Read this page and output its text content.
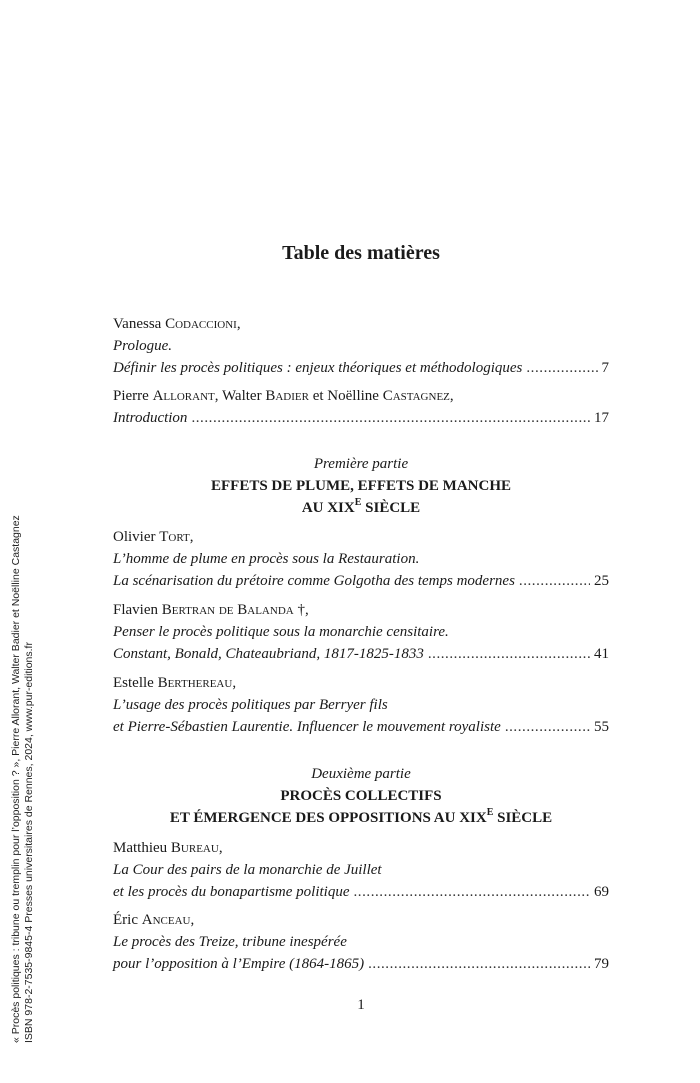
Table des matières
Vanessa Codaccioni,
Prologue.
Définir les procès politiques : enjeux théoriques et méthodologiques . . .	7
Pierre Allorant, Walter Badier et Noëlline Castagnez,
Introduction . . .	17
Olivier Tort,
L’homme de plume en procès sous la Restauration.
La scénarisation du prétoire comme Golgotha des temps modernes . . .	25
Flavien Bertran de Balanda †,
Penser le procès politique sous la monarchie censitaire.
Constant, Bonald, Chateaubriand, 1817-1825-1833 . . .	41
Estelle Berthereau,
L’usage des procès politiques par Berryer fils
et Pierre-Sébastien Laurentie. Influencer le mouvement royaliste . . .	55
Matthieu Bureau,
La Cour des pairs de la monarchie de Juillet
et les procès du bonapartisme politique . . .	69
Éric Anceau,
Le procès des Treize, tribune inespérée
pour l’opposition à l’Empire (1864-1865) . . .	79
Première partie
EFFETS DE PLUME, EFFETS DE MANCHE
AU $XIX^E$ SIÈCLE
Deuxième partie
PROCÈS COLLECTIFS
ET ÉMERGENCE DES OPPOSITIONS AU $XIX^E$ SIÈCLE
1
« Procès politiques : tribune ou tremplin pour l’opposition ? », Pierre Allorant, Walter Badier et Noëlline Castagnez ISBN 978-2-7535-9845-4 Presses universitaires de Rennes, 2024, www.pur-editions.fr
